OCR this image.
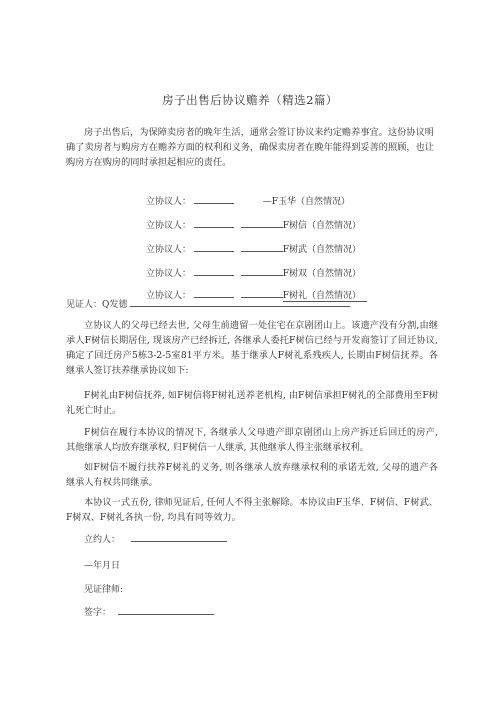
房子出售后协议赡养（精选2篇）
房子出售后，为保障卖房者的晚年生活，通常会签订协议来约定赡养事宜。这份协议明确了卖房者与购房方在赡养方面的权利和义务，确保卖房者在晚年能得到妥善的照顾，也让购房方在购房的同时承担起相应的责任。
立协议人：	—F玉华（自然情况）
立协议人：	F树信（自然情况）
立协议人：	F树武（自然情况）
立协议人：	F树双（自然情况）
立协议人：	F树礼（自然情况）
见证人：Q发德
立协议人的父母已经去世, 父母生前遗留一处住宅在京剧团山上。该遗产没有分割,由继承人F树信长期居住, 现该房产已经拆迁, 各继承人委托F树信已经与开发商签订了回迁协议, 确定了回迁房产5栋3-2-5室81平方米。基于继承人F树礼系残疾人, 长期由F树信抚养。各继承人签订扶养继承协议如下:
F树礼由F树信抚养, 如F树信将F树礼送养老机构, 由F树信承担F树礼的全部费用至F树礼死亡时止。
F树信在履行本协议的情况下, 各继承人父母遗产即京剧团山上房产拆迁后回迁的房产, 其他继承人均放弃继承权, 归F树信一人继承, 其他继承人得主张继承权利。
如F树信不履行扶养F树礼的义务, 则各继承人放弃继承权利的承诺无效, 父母的遗产各继承人有权共同继承。
本协议一式五份, 律师见证后, 任何人不得主张解除。本协议由F玉华、F树信、F树武、F树双、F树礼各执一份, 均具有同等效力。
立约人：
—年月日
见证律师:
签字：
